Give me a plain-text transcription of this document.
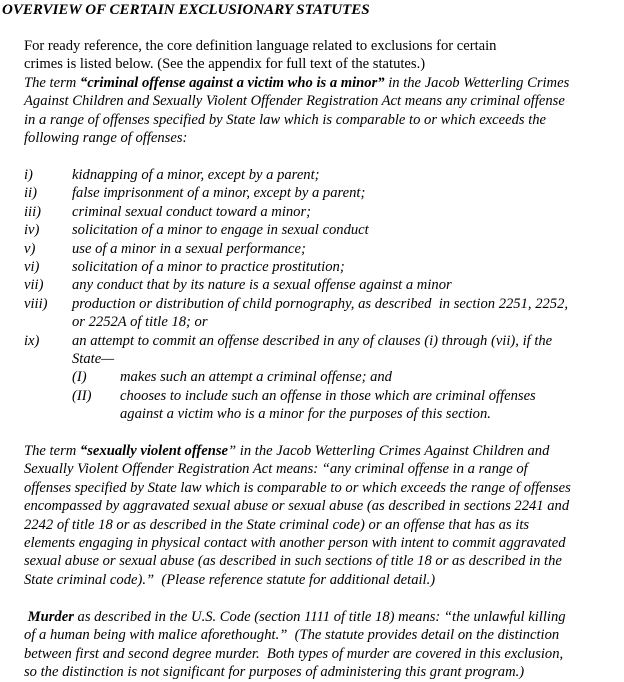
OVERVIEW OF CERTAIN EXCLUSIONARY STATUTES
For ready reference, the core definition language related to exclusions for certain
crimes is listed below. (See the appendix for full text of the statutes.)
The term “criminal offense against a victim who is a minor” in the Jacob Wetterling Crimes
Against Children and Sexually Violent Offender Registration Act means any criminal offense
in a range of offenses specified by State law which is comparable to or which exceeds the
following range of offenses:
i)	kidnapping of a minor, except by a parent;
ii) false imprisonment of a minor, except by a parent;
iii) criminal sexual conduct toward a minor;
iv) solicitation of a minor to engage in sexual conduct
v)	use of a minor in a sexual performance;
vi) solicitation of a minor to practice prostitution;
vii) any conduct that by its nature is a sexual offense against a minor
viii) production or distribution of child pornography, as described  in section 2251, 2252,
or 2252A of title 18; or
ix) an attempt to commit an offense described in any of clauses (i) through (vii), if the
State—
(I) makes such an attempt a criminal offense; and
(II) chooses to include such an offense in those which are criminal offenses
against a victim who is a minor for the purposes of this section.
The term “sexually violent offense” in the Jacob Wetterling Crimes Against Children and
Sexually Violent Offender Registration Act means: “any criminal offense in a range of
offenses specified by State law which is comparable to or which exceeds the range of offenses
encompassed by aggravated sexual abuse or sexual abuse (as described in sections 2241 and
2242 of title 18 or as described in the State criminal code) or an offense that has as its
elements engaging in physical contact with another person with intent to commit aggravated
sexual abuse or sexual abuse (as described in such sections of title 18 or as described in the
State criminal code).”  (Please reference statute for additional detail.)
Murder as described in the U.S. Code (section 1111 of title 18) means: “the unlawful killing
of a human being with malice aforethought.”  (The statute provides detail on the distinction
between first and second degree murder.  Both types of murder are covered in this exclusion,
so the distinction is not significant for purposes of administering this grant program.)
